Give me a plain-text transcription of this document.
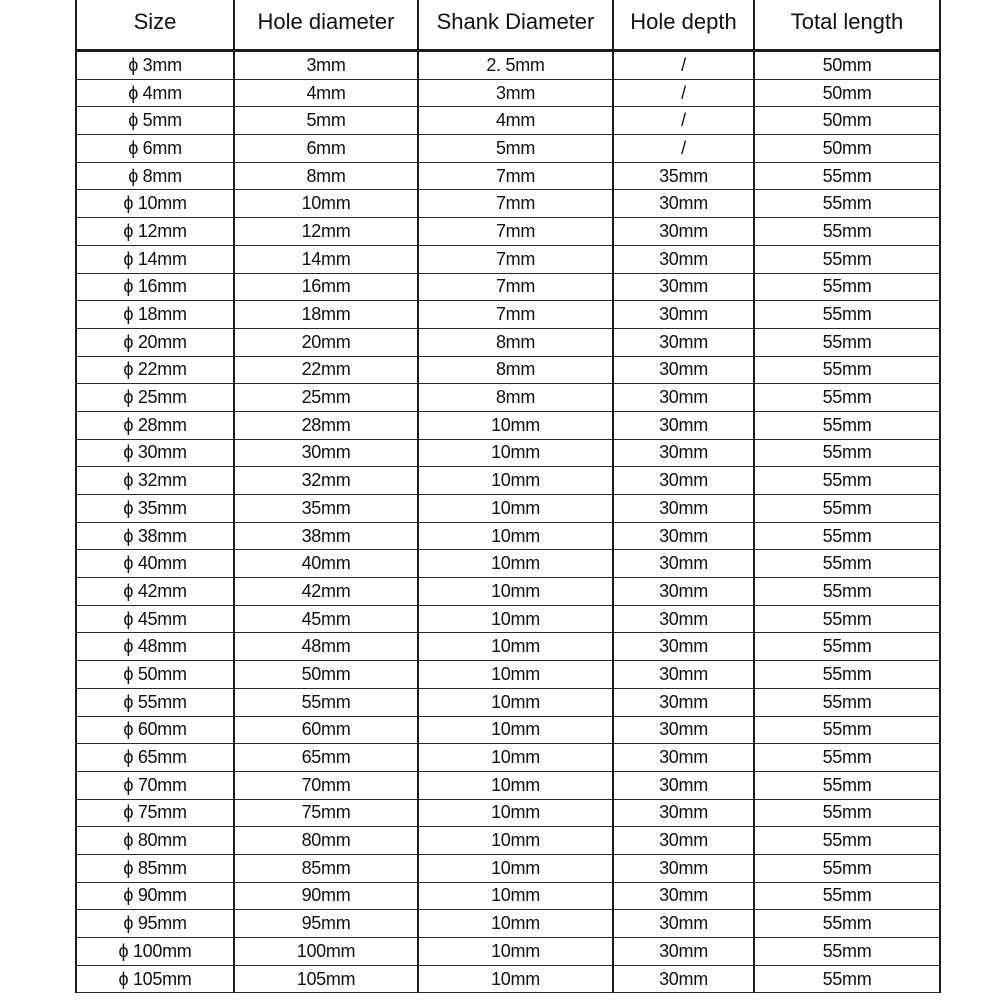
Size	Hole diameter	Shank Diameter	Hole depth	Total length
ϕ 3mm	3mm	2. 5mm	/	50mm
ϕ 4mm	4mm	3mm	/	50mm
ϕ 5mm	5mm	4mm	/	50mm
ϕ 6mm	6mm	5mm	/	50mm
ϕ 8mm	8mm	7mm	35mm	55mm
ϕ 10mm	10mm	7mm	30mm	55mm
ϕ 12mm	12mm	7mm	30mm	55mm
ϕ 14mm	14mm	7mm	30mm	55mm
ϕ 16mm	16mm	7mm	30mm	55mm
ϕ 18mm	18mm	7mm	30mm	55mm
ϕ 20mm	20mm	8mm	30mm	55mm
ϕ 22mm	22mm	8mm	30mm	55mm
ϕ 25mm	25mm	8mm	30mm	55mm
ϕ 28mm	28mm	10mm	30mm	55mm
ϕ 30mm	30mm	10mm	30mm	55mm
ϕ 32mm	32mm	10mm	30mm	55mm
ϕ 35mm	35mm	10mm	30mm	55mm
ϕ 38mm	38mm	10mm	30mm	55mm
ϕ 40mm	40mm	10mm	30mm	55mm
ϕ 42mm	42mm	10mm	30mm	55mm
ϕ 45mm	45mm	10mm	30mm	55mm
ϕ 48mm	48mm	10mm	30mm	55mm
ϕ 50mm	50mm	10mm	30mm	55mm
ϕ 55mm	55mm	10mm	30mm	55mm
ϕ 60mm	60mm	10mm	30mm	55mm
ϕ 65mm	65mm	10mm	30mm	55mm
ϕ 70mm	70mm	10mm	30mm	55mm
ϕ 75mm	75mm	10mm	30mm	55mm
ϕ 80mm	80mm	10mm	30mm	55mm
ϕ 85mm	85mm	10mm	30mm	55mm
ϕ 90mm	90mm	10mm	30mm	55mm
ϕ 95mm	95mm	10mm	30mm	55mm
ϕ 100mm	100mm	10mm	30mm	55mm
ϕ 105mm	105mm	10mm	30mm	55mm
